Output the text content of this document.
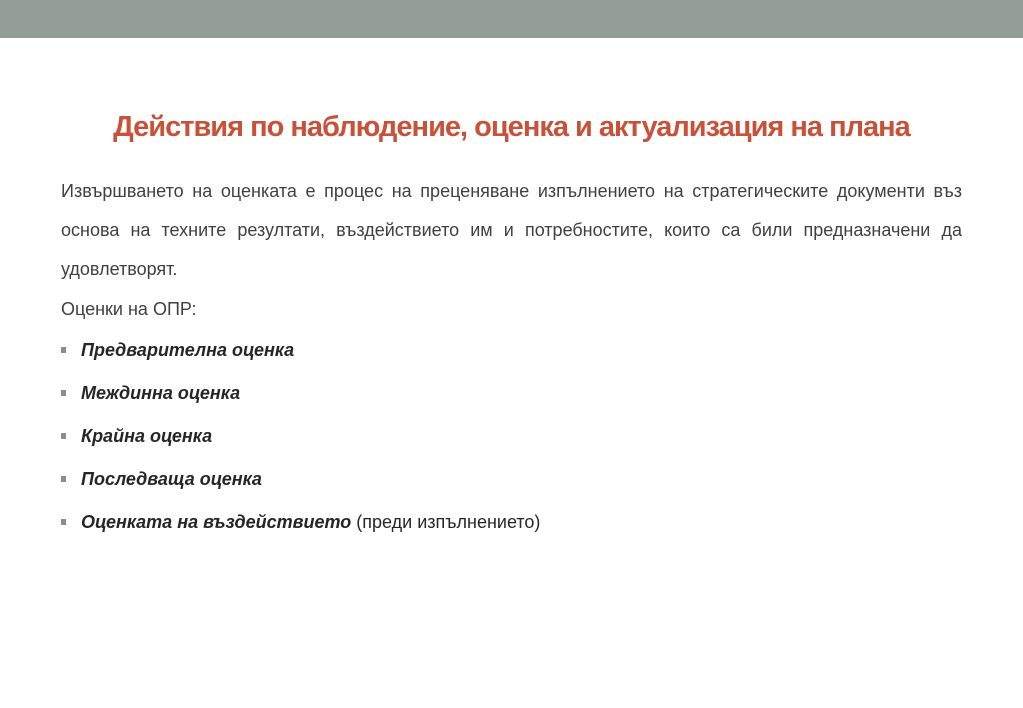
Действия по наблюдение, оценка и актуализация на плана

Извършването на оценката е процес на преценяване изпълнението на стратегическите документи въз основа на техните резултати, въздействието им и потребностите, които са били предназначени да удовлетворят.

Оценки на ОПР:

Предварителна оценка
Междинна оценка
Крайна оценка
Последваща оценка
Оценката на въздействието (преди изпълнението)
